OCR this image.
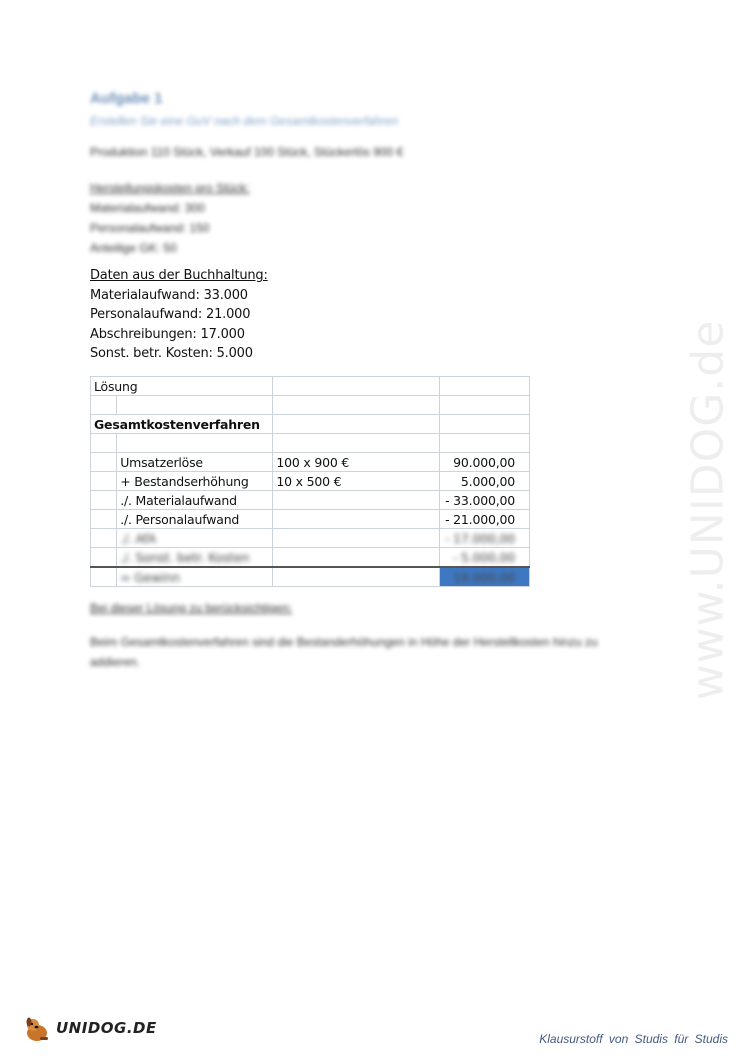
Aufgabe 1
Erstellen Sie eine GuV nach dem Gesamtkostenverfahren
Produktion 110 Stück, Verkauf 100 Stück, Stückerlös 900 €
Herstellungskosten pro Stück:
Materialaufwand: 300
Personalaufwand: 150
Anteilige GK: 50
Daten aus der Buchhaltung:
Materialaufwand: 33.000
Personalaufwand: 21.000
Abschreibungen: 17.000
Sonst. betr. Kosten: 5.000
Lösung			

Gesamtkostenverfahren			

	Umsatzerlöse	100 x 900 €	90.000,00
	+ Bestandserhöhung	10 x 500 €	5.000,00
	./. Materialaufwand		- 33.000,00
	./. Personalaufwand		- 21.000,00
	./. AfA		- 17.000,00
	./. Sonst. betr. Kosten		- 5.000,00
	= Gewinn		19.000,00
Bei dieser Lösung zu berücksichtigen:
Beim Gesamtkostenverfahren sind die Bestanderhöhungen in Höhe der Herstellkosten hinzu zu addieren.	www.UNIDOG.de
UNIDOG.DE
Klausurstoff von Studis für Studis
